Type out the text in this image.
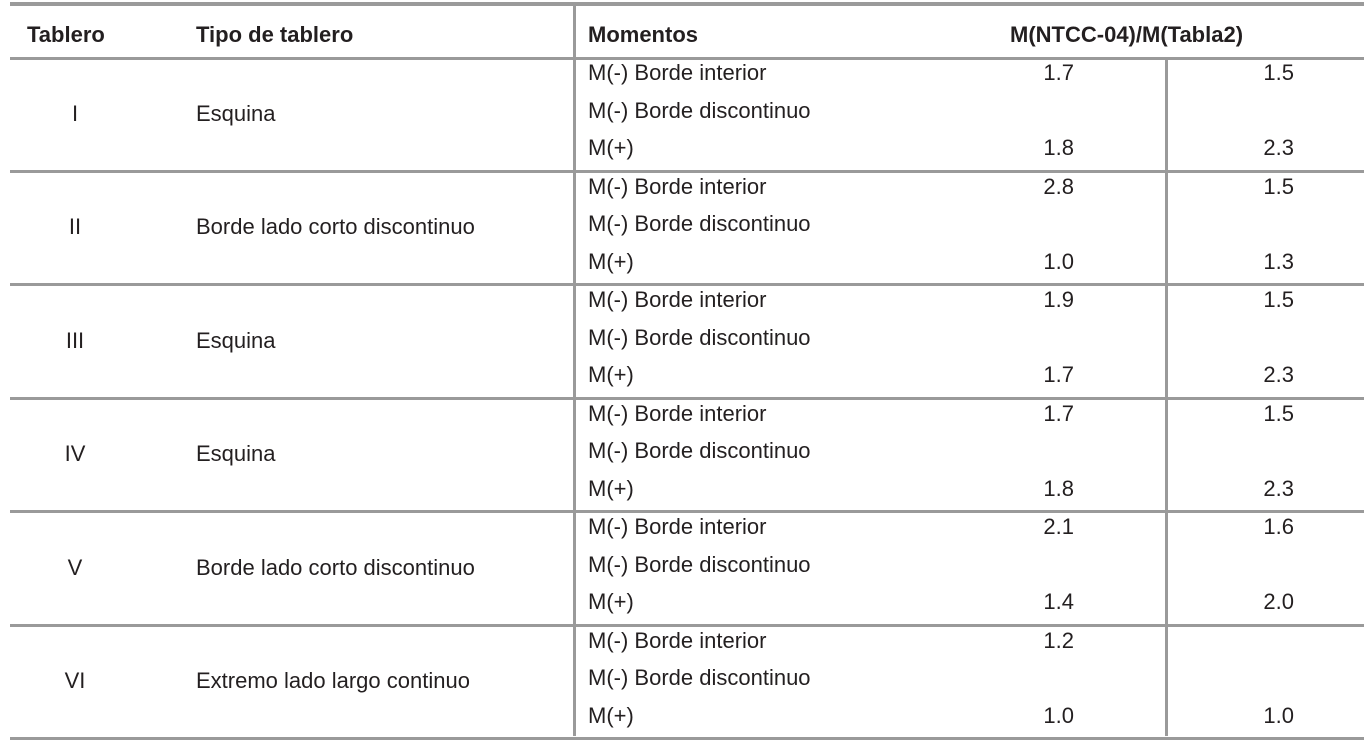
Tablero	Tipo de tablero	Momentos	M(NTCC-04)/M(Tabla2)
I	Esquina
M(-) Borde interior	1.7	1.5
M(-) Borde discontinuo
M(+)	1.8	2.3
II	Borde lado corto discontinuo
M(-) Borde interior	2.8	1.5
M(-) Borde discontinuo
M(+)	1.0	1.3
III	Esquina
M(-) Borde interior	1.9	1.5
M(-) Borde discontinuo
M(+)	1.7	2.3
IV	Esquina
M(-) Borde interior	1.7	1.5
M(-) Borde discontinuo
M(+)	1.8	2.3
V	Borde lado corto discontinuo
M(-) Borde interior	2.1	1.6
M(-) Borde discontinuo
M(+)	1.4	2.0
VI	Extremo lado largo continuo
M(-) Borde interior	1.2
M(-) Borde discontinuo
M(+)	1.0	1.0
